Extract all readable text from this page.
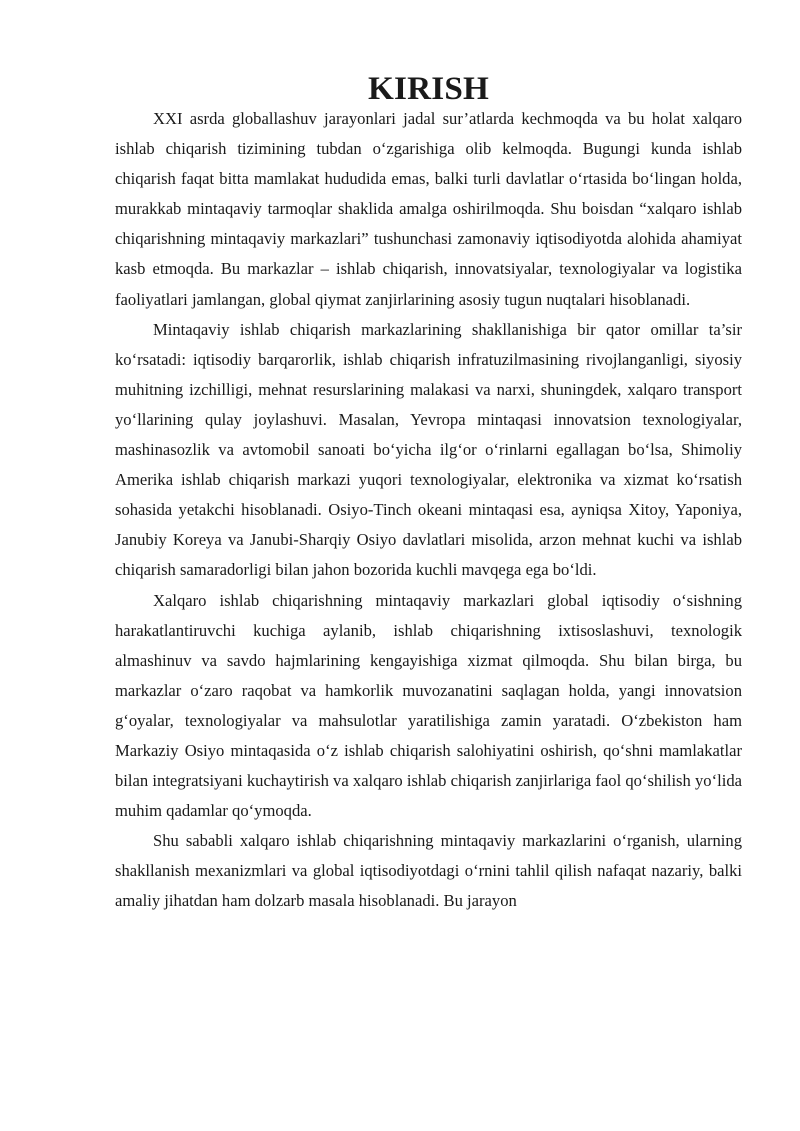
KIRISH

XXI asrda globallashuv jarayonlari jadal sur’atlarda kechmoqda va bu holat xalqaro ishlab chiqarish tizimining tubdan o‘zgarishiga olib kelmoqda. Bugungi kunda ishlab chiqarish faqat bitta mamlakat hududida emas, balki turli davlatlar o‘rtasida bo‘lingan holda, murakkab mintaqaviy tarmoqlar shaklida amalga oshirilmoqda. Shu boisdan “xalqaro ishlab chiqarishning mintaqaviy markazlari” tushunchasi zamonaviy iqtisodiyotda alohida ahamiyat kasb etmoqda. Bu markazlar – ishlab chiqarish, innovatsiyalar, texnologiyalar va logistika faoliyatlari jamlangan, global qiymat zanjirlarining asosiy tugun nuqtalari hisoblanadi.

Mintaqaviy ishlab chiqarish markazlarining shakllanishiga bir qator omillar ta’sir ko‘rsatadi: iqtisodiy barqarorlik, ishlab chiqarish infratuzilmasining rivojlanganligi, siyosiy muhitning izchilligi, mehnat resurslarining malakasi va narxi, shuningdek, xalqaro transport yo‘llarining qulay joylashuvi. Masalan, Yevropa mintaqasi innovatsion texnologiyalar, mashinasozlik va avtomobil sanoati bo‘yicha ilg‘or o‘rinlarni egallagan bo‘lsa, Shimoliy Amerika ishlab chiqarish markazi yuqori texnologiyalar, elektronika va xizmat ko‘rsatish sohasida yetakchi hisoblanadi. Osiyo-Tinch okeani mintaqasi esa, ayniqsa Xitoy, Yaponiya, Janubiy Koreya va Janubi-Sharqiy Osiyo davlatlari misolida, arzon mehnat kuchi va ishlab chiqarish samaradorligi bilan jahon bozorida kuchli mavqega ega bo‘ldi.

Xalqaro ishlab chiqarishning mintaqaviy markazlari global iqtisodiy o‘sishning harakatlantiruvchi kuchiga aylanib, ishlab chiqarishning ixtisoslashuvi, texnologik almashinuv va savdo hajmlarining kengayishiga xizmat qilmoqda. Shu bilan birga, bu markazlar o‘zaro raqobat va hamkorlik muvozanatini saqlagan holda, yangi innovatsion g‘oyalar, texnologiyalar va mahsulotlar yaratilishiga zamin yaratadi. O‘zbekiston ham Markaziy Osiyo mintaqasida o‘z ishlab chiqarish salohiyatini oshirish, qo‘shni mamlakatlar bilan integratsiyani kuchaytirish va xalqaro ishlab chiqarish zanjirlariga faol qo‘shilish yo‘lida muhim qadamlar qo‘ymoqda.

Shu sababli xalqaro ishlab chiqarishning mintaqaviy markazlarini o‘rganish, ularning shakllanish mexanizmlari va global iqtisodiyotdagi o‘rnini tahlil qilish nafaqat nazariy, balki amaliy jihatdan ham dolzarb masala hisoblanadi. Bu jarayon
